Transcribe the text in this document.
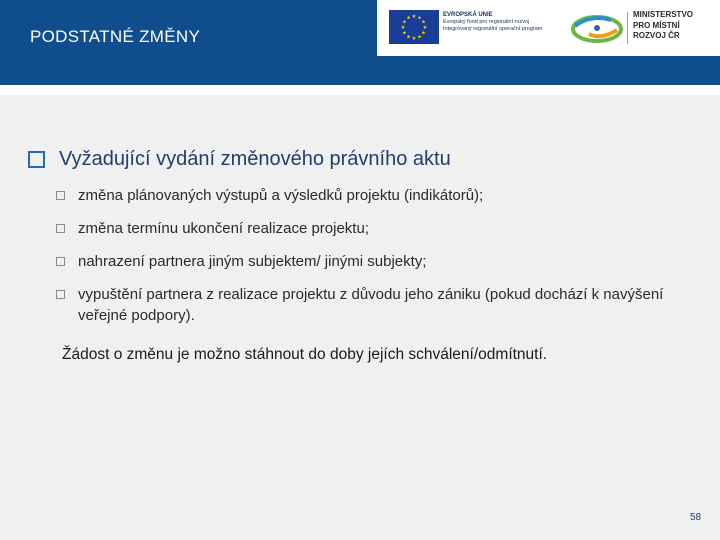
PODSTATNÉ ZMĚNY
EVROPSKÁ UNIE
Evropský fond pro regionální rozvoj
Integrovaný regionální operační program
MINISTERSTVO
PRO MÍSTNÍ
ROZVOJ ČR
Vyžadující vydání změnového právního aktu
změna plánovaných výstupů a výsledků projektu (indikátorů);
změna termínu ukončení realizace projektu;
nahrazení partnera jiným subjektem/ jinými subjekty;
vypuštění partnera z realizace projektu z důvodu jeho zániku (pokud dochází k navýšení veřejné podpory).
Žádost o změnu je možno stáhnout do doby jejích schválení/odmítnutí.
58
